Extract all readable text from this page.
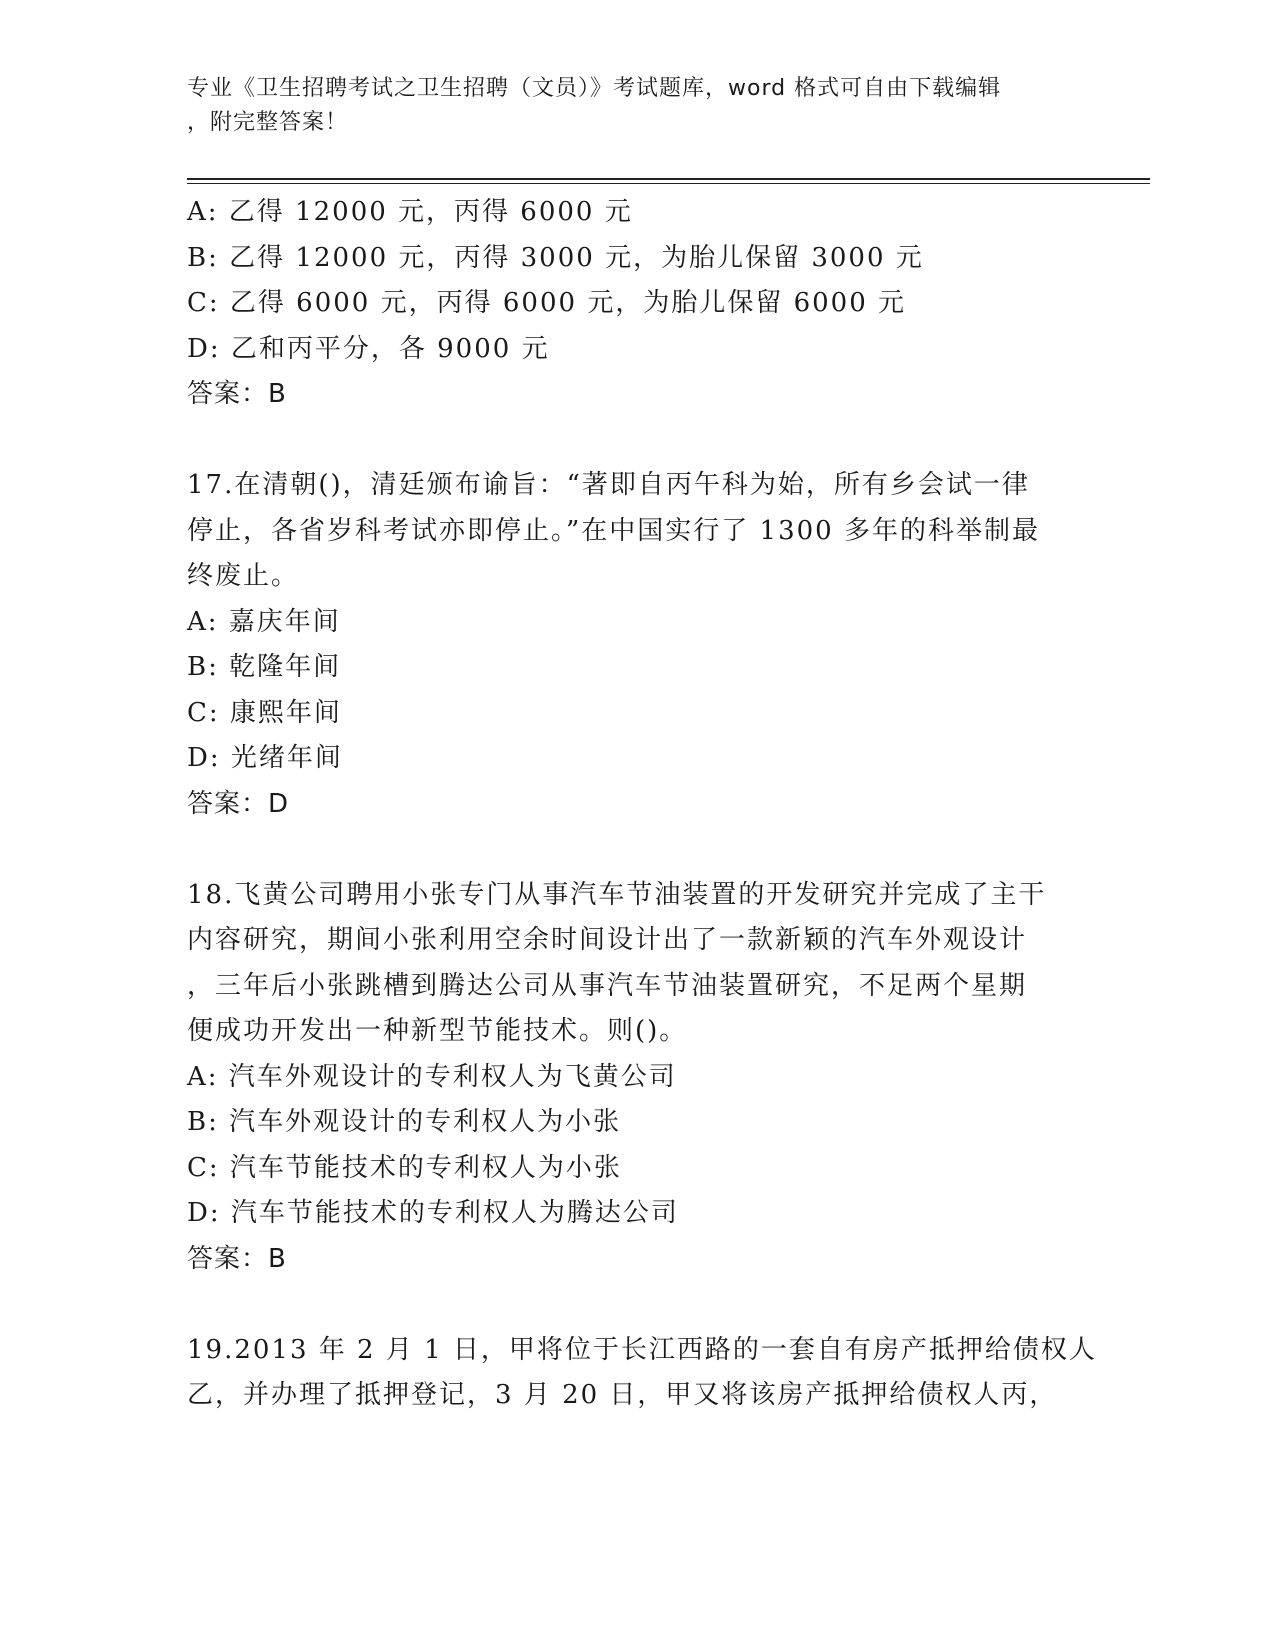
专业《卫生招聘考试之卫生招聘（文员）》考试题库，word 格式可自由下载编辑
，附完整答案！
A: 乙得 12000 元，丙得 6000 元
B: 乙得 12000 元，丙得 3000 元，为胎儿保留 3000 元
C: 乙得 6000 元，丙得 6000 元，为胎儿保留 6000 元
D: 乙和丙平分，各 9000 元
答案：B
17.在清朝()，清廷颁布谕旨：“著即自丙午科为始，所有乡会试一律
停止，各省岁科考试亦即停止。”在中国实行了 1300 多年的科举制最
终废止。
A: 嘉庆年间
B: 乾隆年间
C: 康熙年间
D: 光绪年间
答案：D
18.飞黄公司聘用小张专门从事汽车节油装置的开发研究并完成了主干
内容研究，期间小张利用空余时间设计出了一款新颖的汽车外观设计
，三年后小张跳槽到腾达公司从事汽车节油装置研究，不足两个星期
便成功开发出一种新型节能技术。则()。
A: 汽车外观设计的专利权人为飞黄公司
B: 汽车外观设计的专利权人为小张
C: 汽车节能技术的专利权人为小张
D: 汽车节能技术的专利权人为腾达公司
答案：B
19.2013 年 2 月 1 日，甲将位于长江西路的一套自有房产抵押给债权人
乙，并办理了抵押登记，3 月 20 日，甲又将该房产抵押给债权人丙，
